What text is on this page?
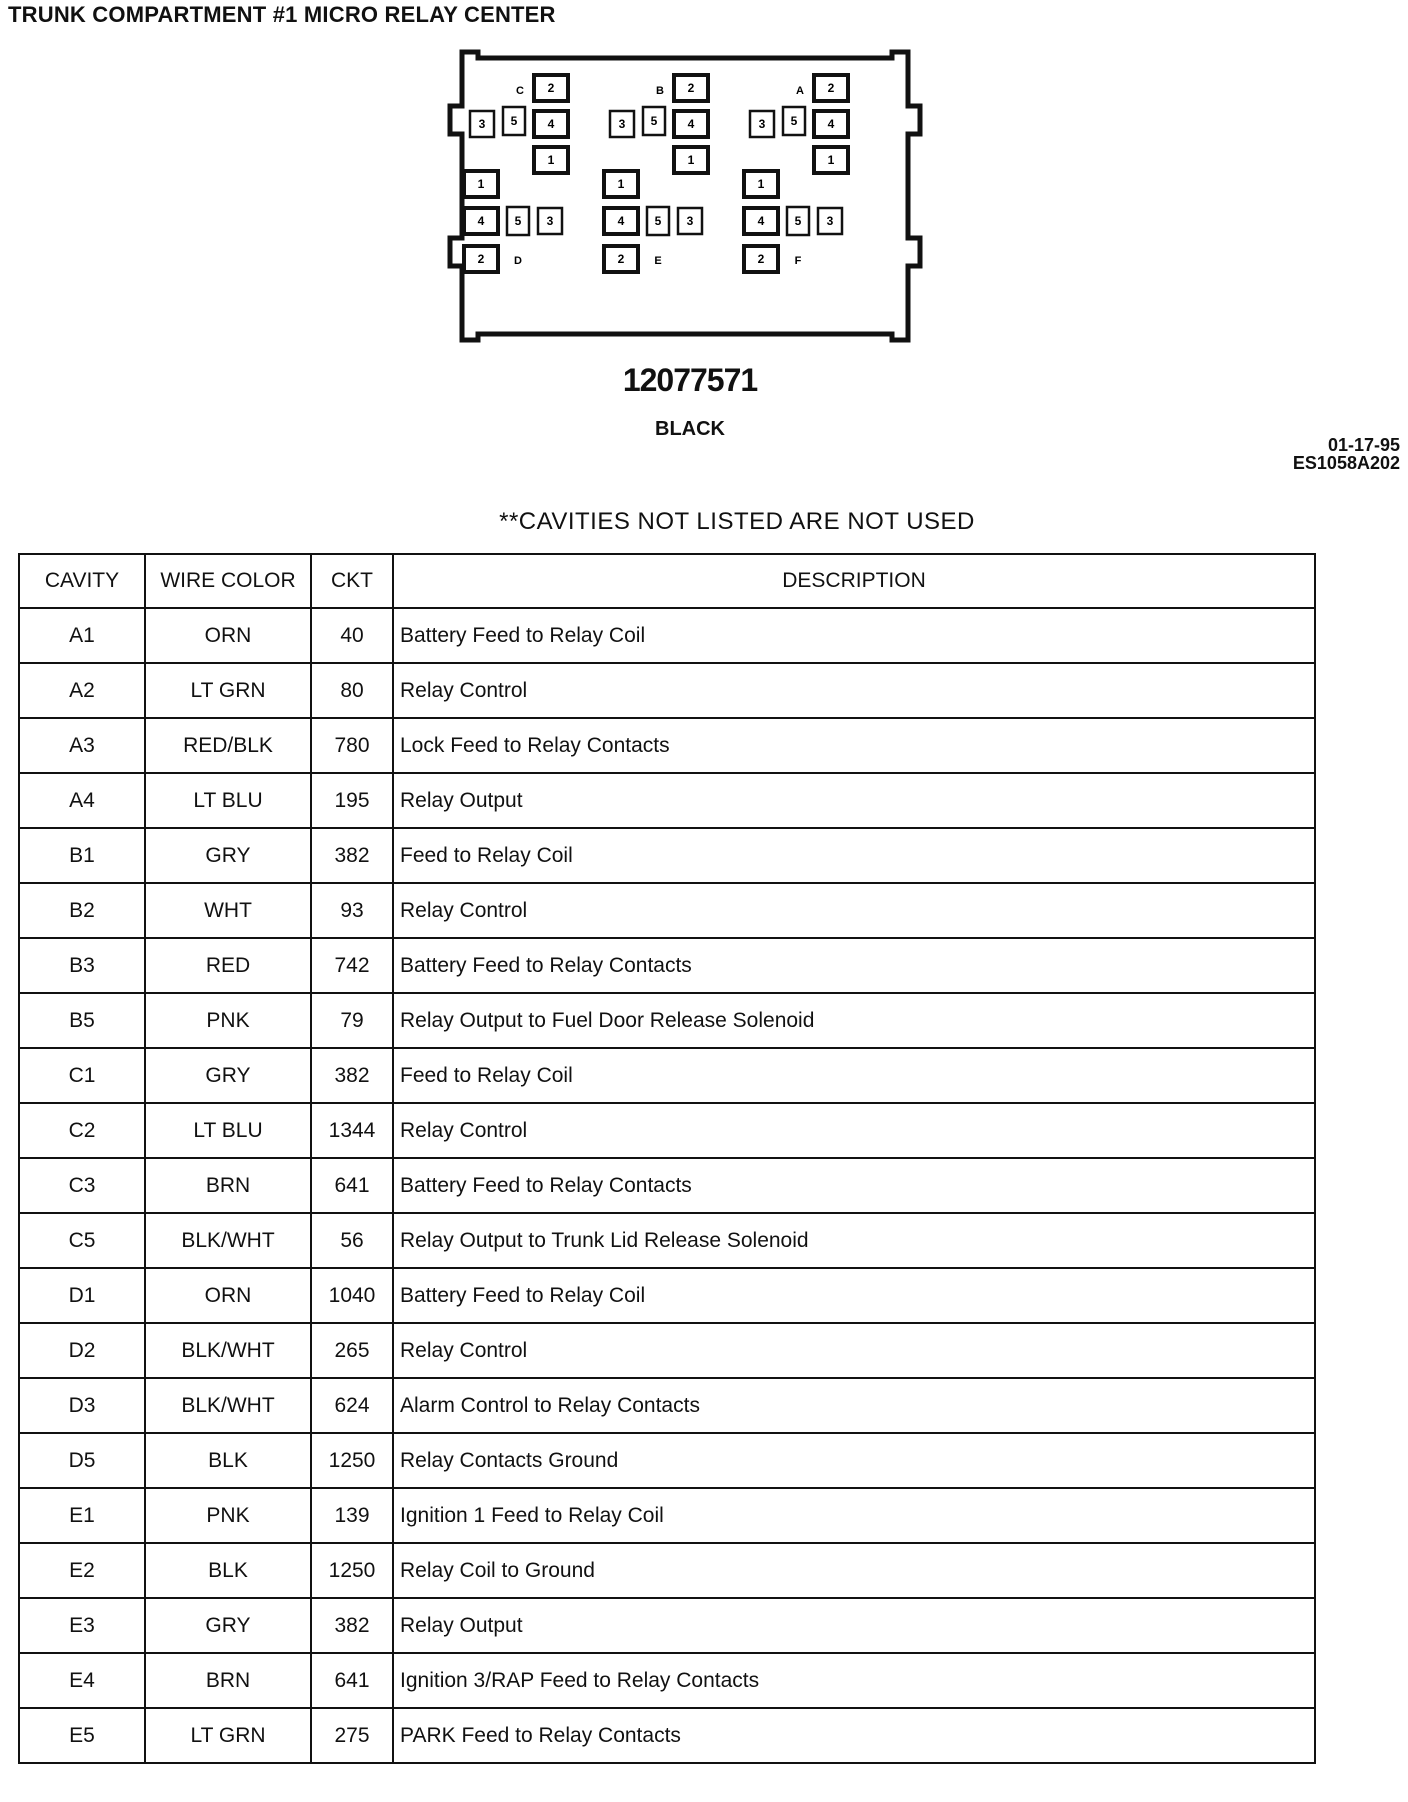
TRUNK COMPARTMENT #1 MICRO RELAY CENTER
C 2
3 5	4
1
B 2
3 5	4
1
A 2
3 5	4
1
1
4	5 3
2	D
1
4	5 3
2	E
1
4	5 3
2	F
12077571
BLACK
01-17-95
ES1058A202
**CAVITIES NOT LISTED ARE NOT USED
CAVITY	WIRE COLOR	CKT	DESCRIPTION
A1	ORN	40	Battery Feed to Relay Coil
A2	LT GRN	80	Relay Control
A3	RED/BLK	780	Lock Feed to Relay Contacts
A4	LT BLU	195	Relay Output
B1	GRY	382	Feed to Relay Coil
B2	WHT	93	Relay Control
B3	RED	742	Battery Feed to Relay Contacts
B5	PNK	79	Relay Output to Fuel Door Release Solenoid
C1	GRY	382	Feed to Relay Coil
C2	LT BLU	1344	Relay Control
C3	BRN	641	Battery Feed to Relay Contacts
C5	BLK/WHT	56	Relay Output to Trunk Lid Release Solenoid
D1	ORN	1040	Battery Feed to Relay Coil
D2	BLK/WHT	265	Relay Control
D3	BLK/WHT	624	Alarm Control to Relay Contacts
D5	BLK	1250	Relay Contacts Ground
E1	PNK	139	Ignition 1 Feed to Relay Coil
E2	BLK	1250	Relay Coil to Ground
E3	GRY	382	Relay Output
E4	BRN	641	Ignition 3/RAP Feed to Relay Contacts
E5	LT GRN	275	PARK Feed to Relay Contacts
